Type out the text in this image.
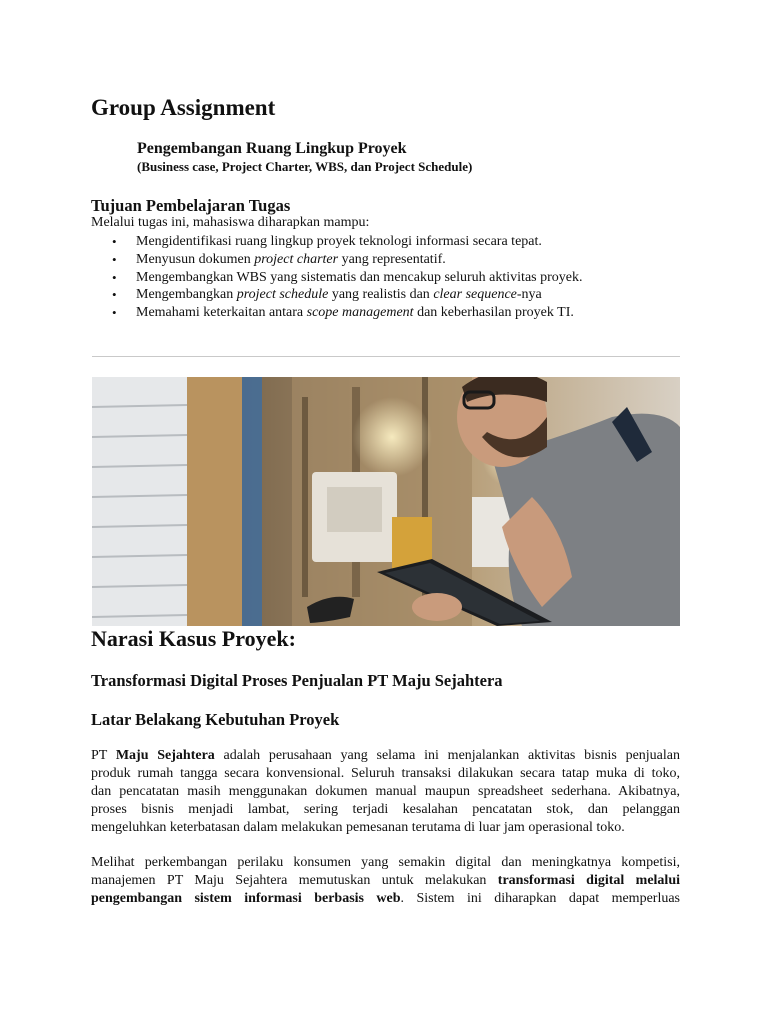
Group Assignment
Pengembangan Ruang Lingkup Proyek
(Business case, Project Charter, WBS, dan Project Schedule)
Tujuan Pembelajaran Tugas
Melalui tugas ini, mahasiswa diharapkan mampu:
• Mengidentifikasi ruang lingkup proyek teknologi informasi secara tepat.
• Menyusun dokumen project charter yang representatif.
• Mengembangkan WBS yang sistematis dan mencakup seluruh aktivitas proyek.
• Mengembangkan project schedule yang realistis dan clear sequence-nya
• Memahami keterkaitan antara scope management dan keberhasilan proyek TI.
Narasi Kasus Proyek:
Transformasi Digital Proses Penjualan PT Maju Sejahtera
Latar Belakang Kebutuhan Proyek
PT Maju Sejahtera adalah perusahaan yang selama ini menjalankan aktivitas bisnis penjualan
produk rumah tangga secara konvensional. Seluruh transaksi dilakukan secara tatap muka di toko,
dan pencatatan masih menggunakan dokumen manual maupun spreadsheet sederhana. Akibatnya,
proses bisnis menjadi lambat, sering terjadi kesalahan pencatatan stok, dan pelanggan
mengeluhkan keterbatasan dalam melakukan pemesanan terutama di luar jam operasional toko.
Melihat perkembangan perilaku konsumen yang semakin digital dan meningkatnya kompetisi,
manajemen PT Maju Sejahtera memutuskan untuk melakukan transformasi digital melalui
pengembangan sistem informasi berbasis web. Sistem ini diharapkan dapat memperluas
